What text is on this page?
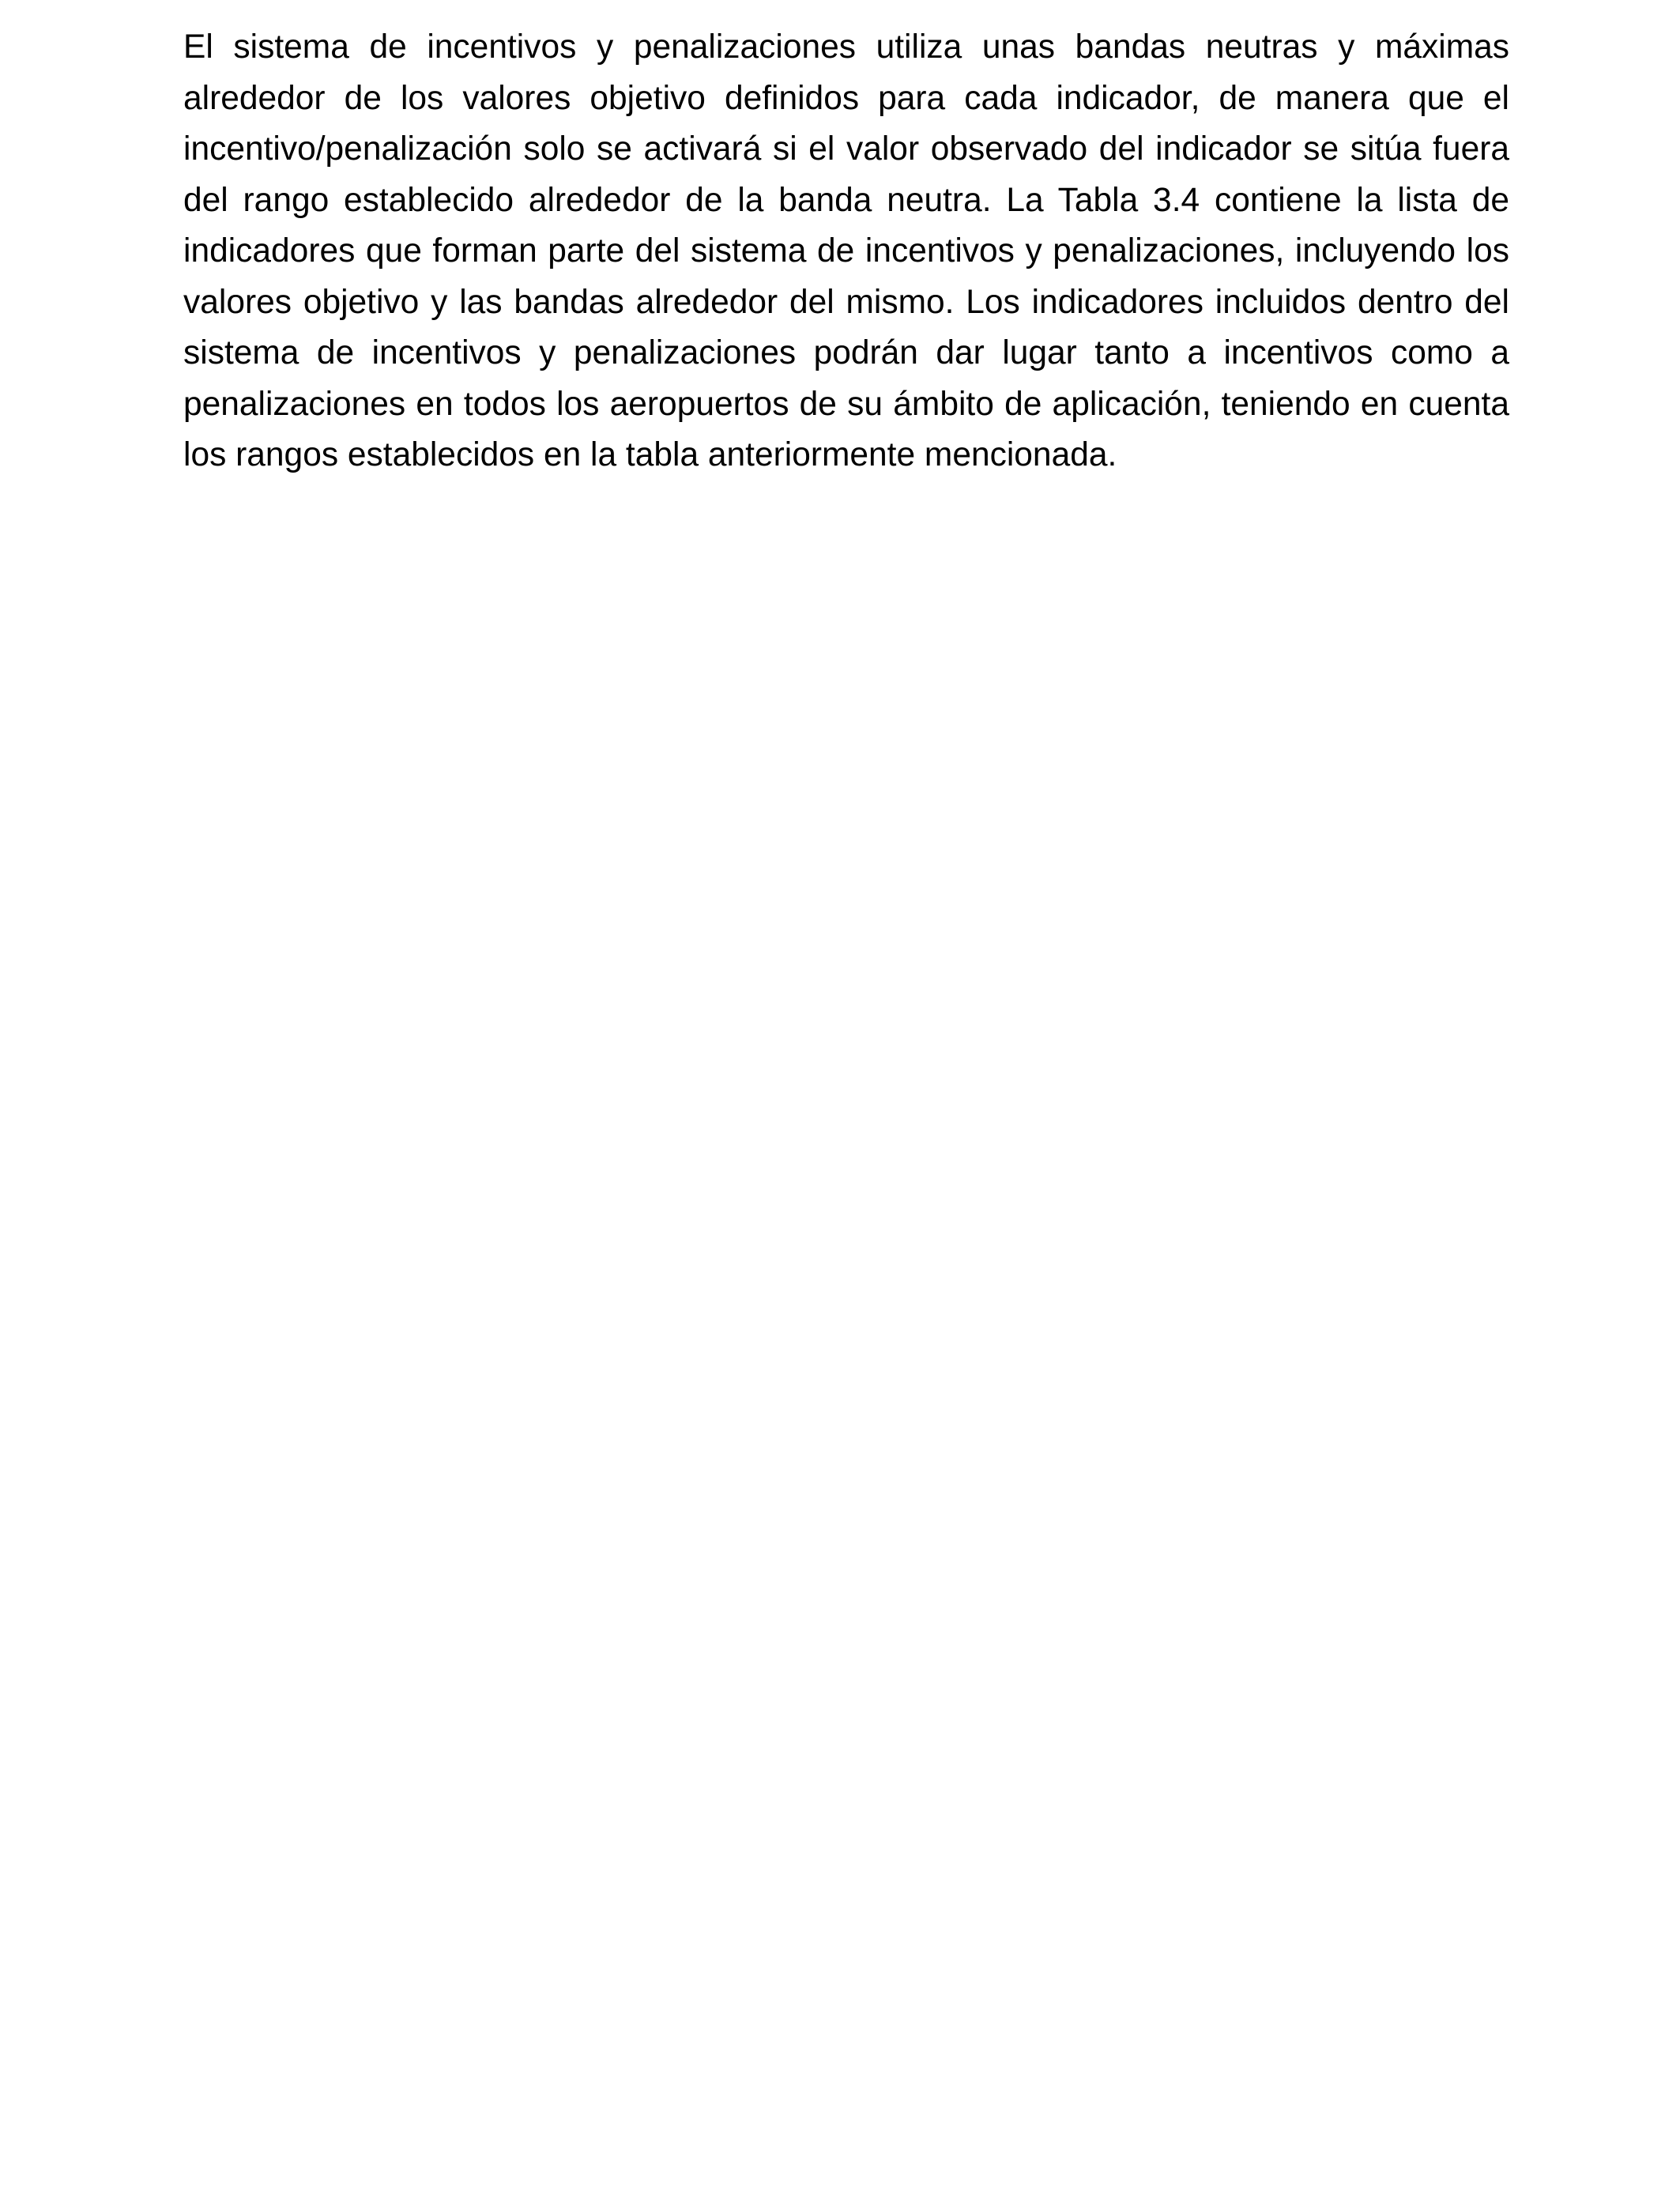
El sistema de incentivos y penalizaciones utiliza unas bandas neutras y máximas alrededor de los valores objetivo definidos para cada indicador, de manera que el incentivo/penalización solo se activará si el valor observado del indicador se sitúa fuera del rango establecido alrededor de la banda neutra. La Tabla 3.4 contiene la lista de indicadores que forman parte del sistema de incentivos y penalizaciones, incluyendo los valores objetivo y las bandas alrededor del mismo. Los indicadores incluidos dentro del sistema de incentivos y penalizaciones podrán dar lugar tanto a incentivos como a penalizaciones en todos los aeropuertos de su ámbito de aplicación, teniendo en cuenta los rangos establecidos en la tabla anteriormente mencionada.
